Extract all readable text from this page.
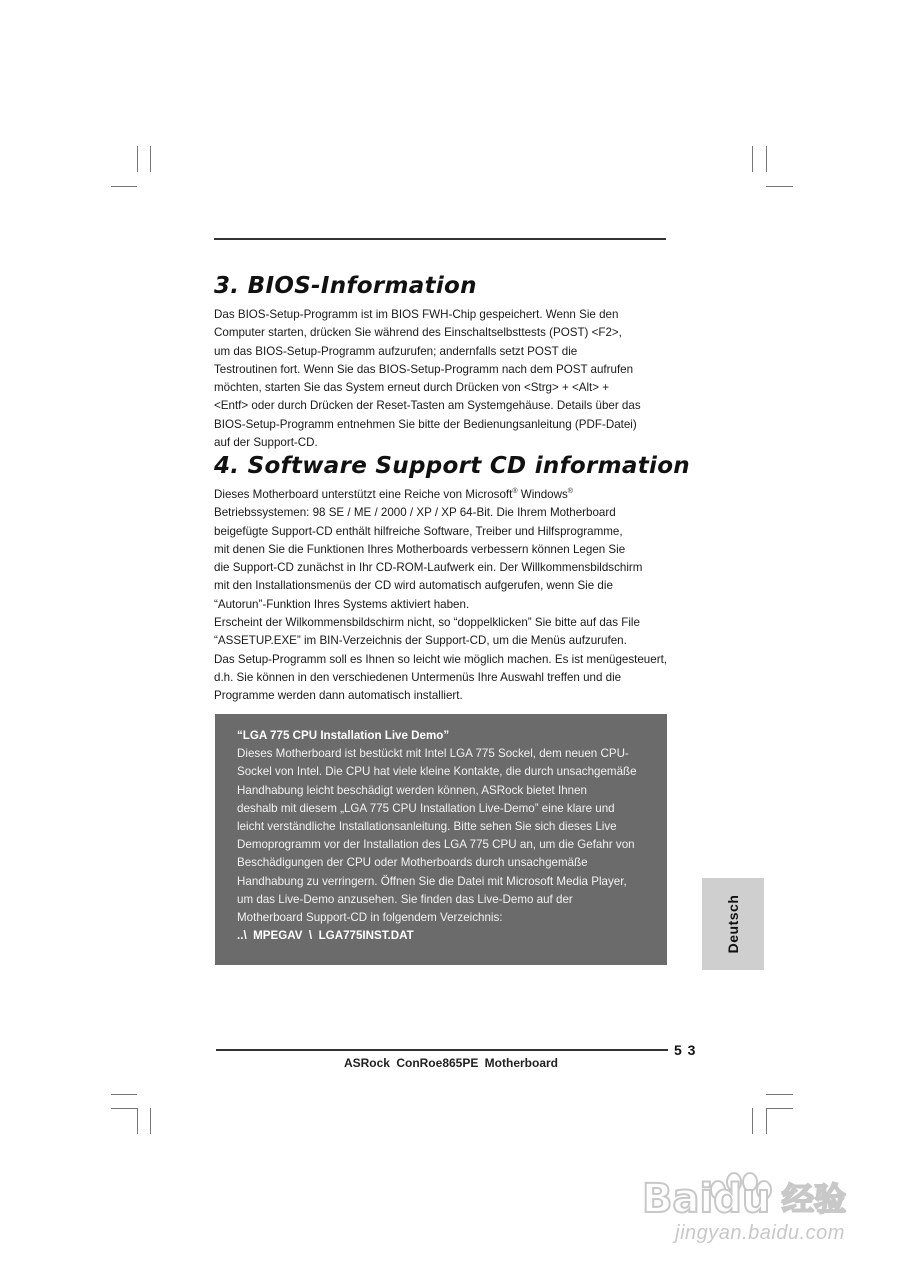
3. BIOS-Information

Das BIOS-Setup-Programm ist im BIOS FWH-Chip gespeichert. Wenn Sie den

Computer starten, drücken Sie während des Einschaltselbsttests (POST) <F2>,

um das BIOS-Setup-Programm aufzurufen; andernfalls setzt POST die

Testroutinen fort. Wenn Sie das BIOS-Setup-Programm nach dem POST aufrufen

möchten, starten Sie das System erneut durch Drücken von <Strg> + <Alt> +

<Entf> oder durch Drücken der Reset-Tasten am Systemgehäuse. Details über das

BIOS-Setup-Programm entnehmen Sie bitte der Bedienungsanleitung (PDF-Datei)

auf der Support-CD.

4. Software Support CD information

Dieses Motherboard unterstützt eine Reiche von Microsoft® Windows®

Betriebssystemen: 98 SE / ME / 2000 / XP / XP 64-Bit. Die Ihrem Motherboard

beigefügte Support-CD enthält hilfreiche Software, Treiber und Hilfsprogramme,

mit denen Sie die Funktionen Ihres Motherboards verbessern können Legen Sie

die Support-CD zunächst in Ihr CD-ROM-Laufwerk ein. Der Willkommensbildschirm

mit den Installationsmenüs der CD wird automatisch aufgerufen, wenn Sie die

“Autorun”-Funktion Ihres Systems aktiviert haben.

Erscheint der Wilkommensbildschirm nicht, so “doppelklicken” Sie bitte auf das File

“ASSETUP.EXE” im BIN-Verzeichnis der Support-CD, um die Menüs aufzurufen.

Das Setup-Programm soll es Ihnen so leicht wie möglich machen. Es ist menügesteuert,

d.h. Sie können in den verschiedenen Untermenüs Ihre Auswahl treffen und die

Programme werden dann automatisch installiert.

“LGA 775 CPU Installation Live Demo”

Dieses Motherboard ist bestückt mit Intel LGA 775 Sockel, dem neuen CPU-

Sockel von Intel. Die CPU hat viele kleine Kontakte, die durch unsachgemäße

Handhabung leicht beschädigt werden können, ASRock bietet Ihnen

deshalb mit diesem „LGA 775 CPU Installation Live-Demo” eine klare und

leicht verständliche Installationsanleitung. Bitte sehen Sie sich dieses Live

Demoprogramm vor der Installation des LGA 775 CPU an, um die Gefahr von

Beschädigungen der CPU oder Motherboards durch unsachgemäße

Handhabung zu verringern. Öffnen Sie die Datei mit Microsoft Media Player,

um das Live-Demo anzusehen. Sie finden das Live-Demo auf der

Motherboard Support-CD in folgendem Verzeichnis:

..\  MPEGAV  \  LGA775INST.DAT	Deutsch
5 3
ASRock ConRoe865PE Motherboard
Baidu 经验
jingyan.baidu.com
